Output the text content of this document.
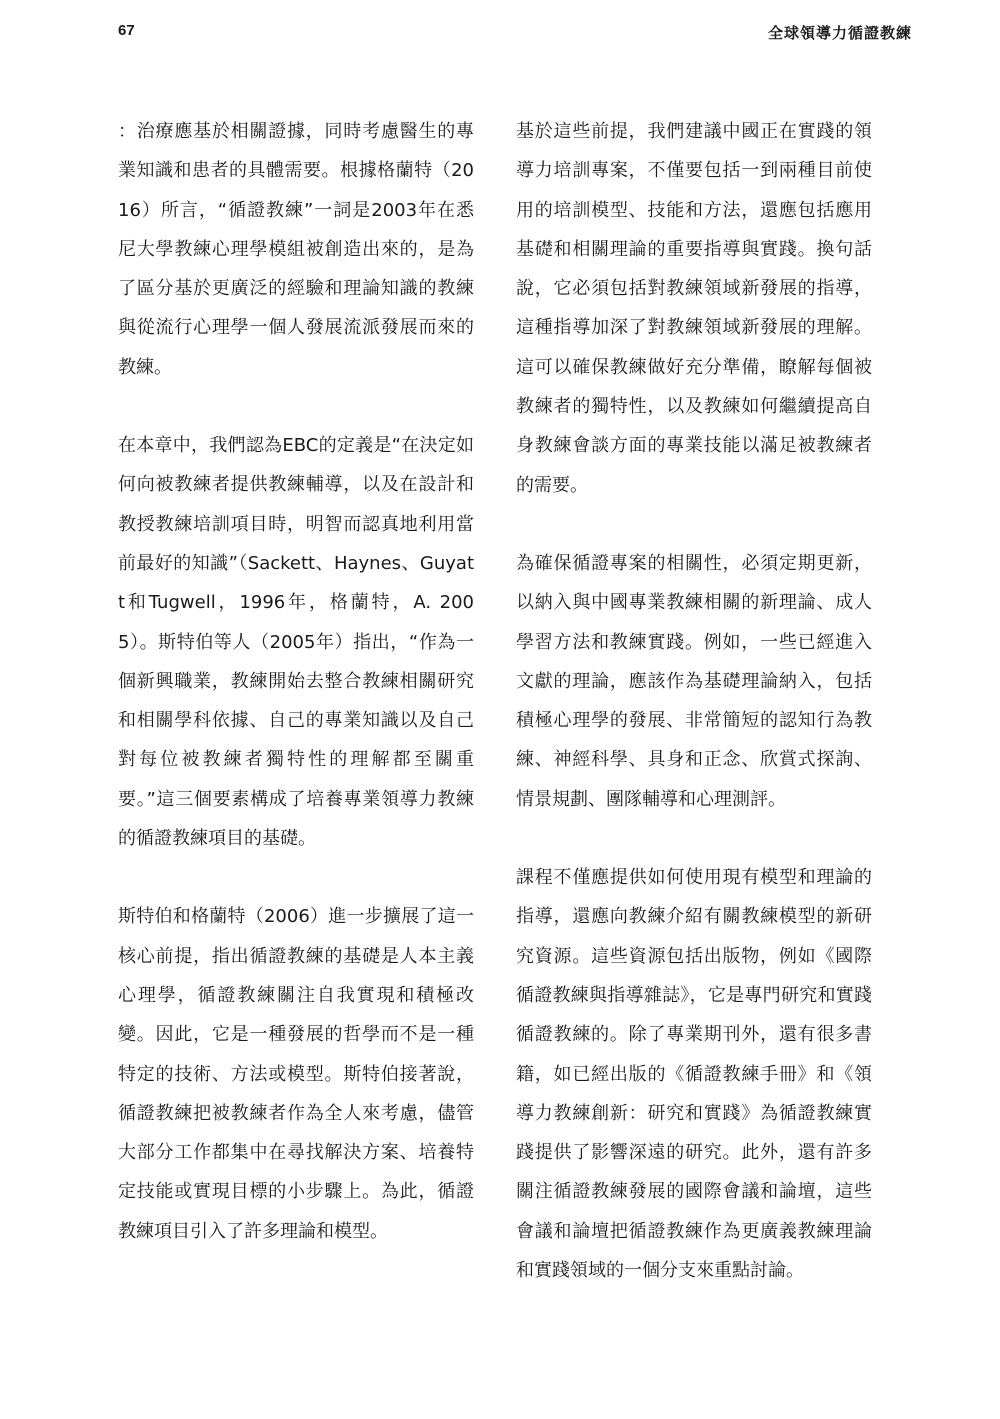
67	全球領導力循證教練

：治療應基於相關證據，同時考慮醫生的專業知識和患者的具體需要。根據格蘭特（2016）所言，“循證教練”一詞是2003年在悉尼大學教練心理學模組被創造出來的，是為了區分基於更廣泛的經驗和理論知識的教練與從流行心理學一個人發展流派發展而來的教練。

在本章中，我們認為EBC的定義是“在決定如何向被教練者提供教練輔導，以及在設計和教授教練培訓項目時，明智而認真地利用當前最好的知識”（Sackett、Haynes、Guyatt和Tugwell，1996年，格蘭特，A. 2005）。斯特伯等人（2005年）指出，“作為一個新興職業，教練開始去整合教練相關研究和相關學科依據、自己的專業知識以及自己對每位被教練者獨特性的理解都至關重要。”這三個要素構成了培養專業領導力教練的循證教練項目的基礎。

斯特伯和格蘭特（2006）進一步擴展了這一核心前提，指出循證教練的基礎是人本主義心理學，循證教練關注自我實現和積極改變。因此，它是一種發展的哲學而不是一種特定的技術、方法或模型。斯特伯接著說，循證教練把被教練者作為全人來考慮，儘管大部分工作都集中在尋找解決方案、培養特定技能或實現目標的小步驟上。為此，循證教練項目引入了許多理論和模型。

基於這些前提，我們建議中國正在實踐的領導力培訓專案，不僅要包括一到兩種目前使用的培訓模型、技能和方法，還應包括應用基礎和相關理論的重要指導與實踐。換句話說，它必須包括對教練領域新發展的指導，這種指導加深了對教練領域新發展的理解。這可以確保教練做好充分準備，瞭解每個被教練者的獨特性，以及教練如何繼續提高自身教練會談方面的專業技能以滿足被教練者的需要。

為確保循證專案的相關性，必須定期更新，以納入與中國專業教練相關的新理論、成人學習方法和教練實踐。例如，一些已經進入文獻的理論，應該作為基礎理論納入，包括積極心理學的發展、非常簡短的認知行為教練、神經科學、具身和正念、欣賞式探詢、情景規劃、團隊輔導和心理測評。

課程不僅應提供如何使用現有模型和理論的指導，還應向教練介紹有關教練模型的新研究資源。這些資源包括出版物，例如《國際循證教練與指導雜誌》，它是專門研究和實踐循證教練的。除了專業期刊外，還有很多書籍，如已經出版的《循證教練手冊》和《領導力教練創新：研究和實踐》為循證教練實踐提供了影響深遠的研究。此外，還有許多關注循證教練發展的國際會議和論壇，這些會議和論壇把循證教練作為更廣義教練理論和實踐領域的一個分支來重點討論。
